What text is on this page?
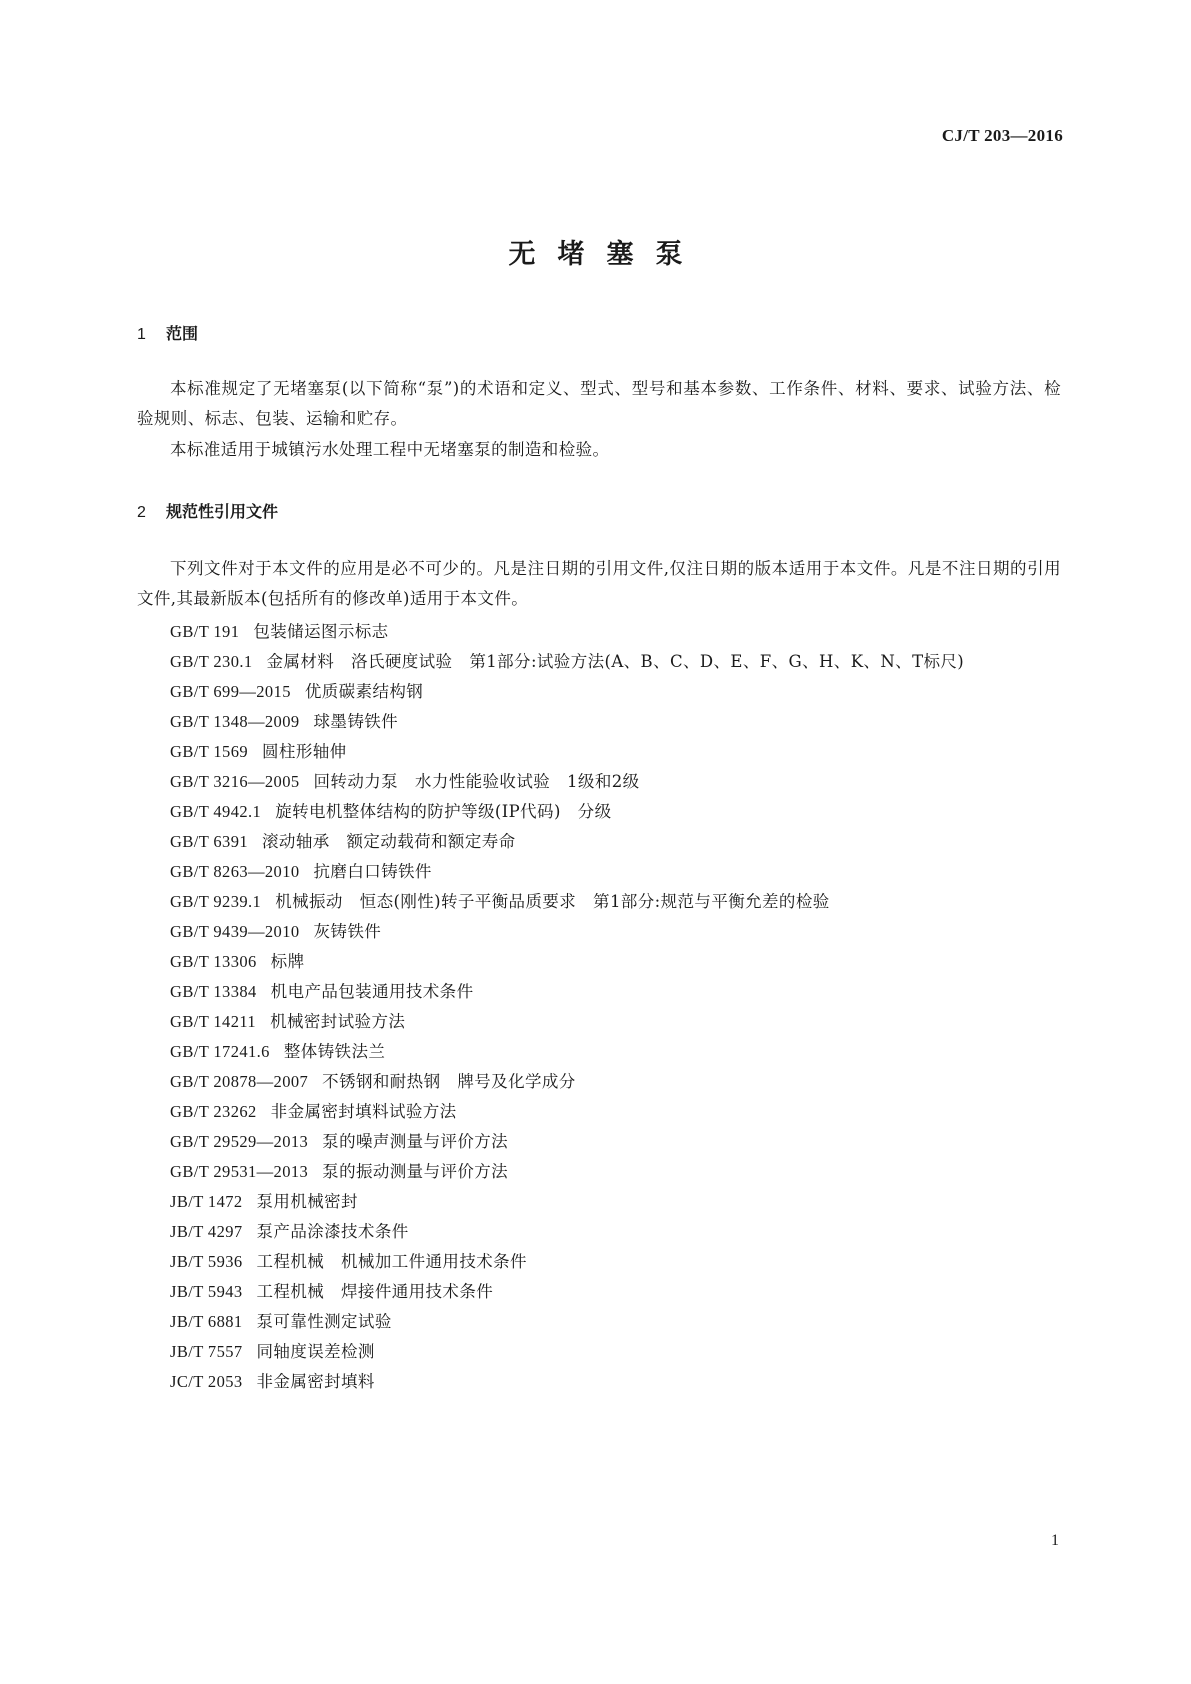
CJ/T 203—2016
无堵塞泵
1 范围
本标准规定了无堵塞泵(以下简称“泵”)的术语和定义、型式、型号和基本参数、工作条件、材料、要求、试验方法、检验规则、标志、包装、运输和贮存。
本标准适用于城镇污水处理工程中无堵塞泵的制造和检验。
2 规范性引用文件
下列文件对于本文件的应用是必不可少的。凡是注日期的引用文件,仅注日期的版本适用于本文件。凡是不注日期的引用文件,其最新版本(包括所有的修改单)适用于本文件。
GB/T 191 包装储运图示标志
GB/T 230.1 金属材料　洛氏硬度试验　第1部分:试验方法(A、B、C、D、E、F、G、H、K、N、T标尺)
GB/T 699—2015 优质碳素结构钢
GB/T 1348—2009 球墨铸铁件
GB/T 1569 圆柱形轴伸
GB/T 3216—2005 回转动力泵　水力性能验收试验　1级和2级
GB/T 4942.1 旋转电机整体结构的防护等级(IP代码)　分级
GB/T 6391 滚动轴承　额定动载荷和额定寿命
GB/T 8263—2010 抗磨白口铸铁件
GB/T 9239.1 机械振动　恒态(刚性)转子平衡品质要求　第1部分:规范与平衡允差的检验
GB/T 9439—2010 灰铸铁件
GB/T 13306 标牌
GB/T 13384 机电产品包装通用技术条件
GB/T 14211 机械密封试验方法
GB/T 17241.6 整体铸铁法兰
GB/T 20878—2007 不锈钢和耐热钢　牌号及化学成分
GB/T 23262 非金属密封填料试验方法
GB/T 29529—2013 泵的噪声测量与评价方法
GB/T 29531—2013 泵的振动测量与评价方法
JB/T 1472 泵用机械密封
JB/T 4297 泵产品涂漆技术条件
JB/T 5936 工程机械　机械加工件通用技术条件
JB/T 5943 工程机械　焊接件通用技术条件
JB/T 6881 泵可靠性测定试验
JB/T 7557 同轴度误差检测
JC/T 2053 非金属密封填料
1
